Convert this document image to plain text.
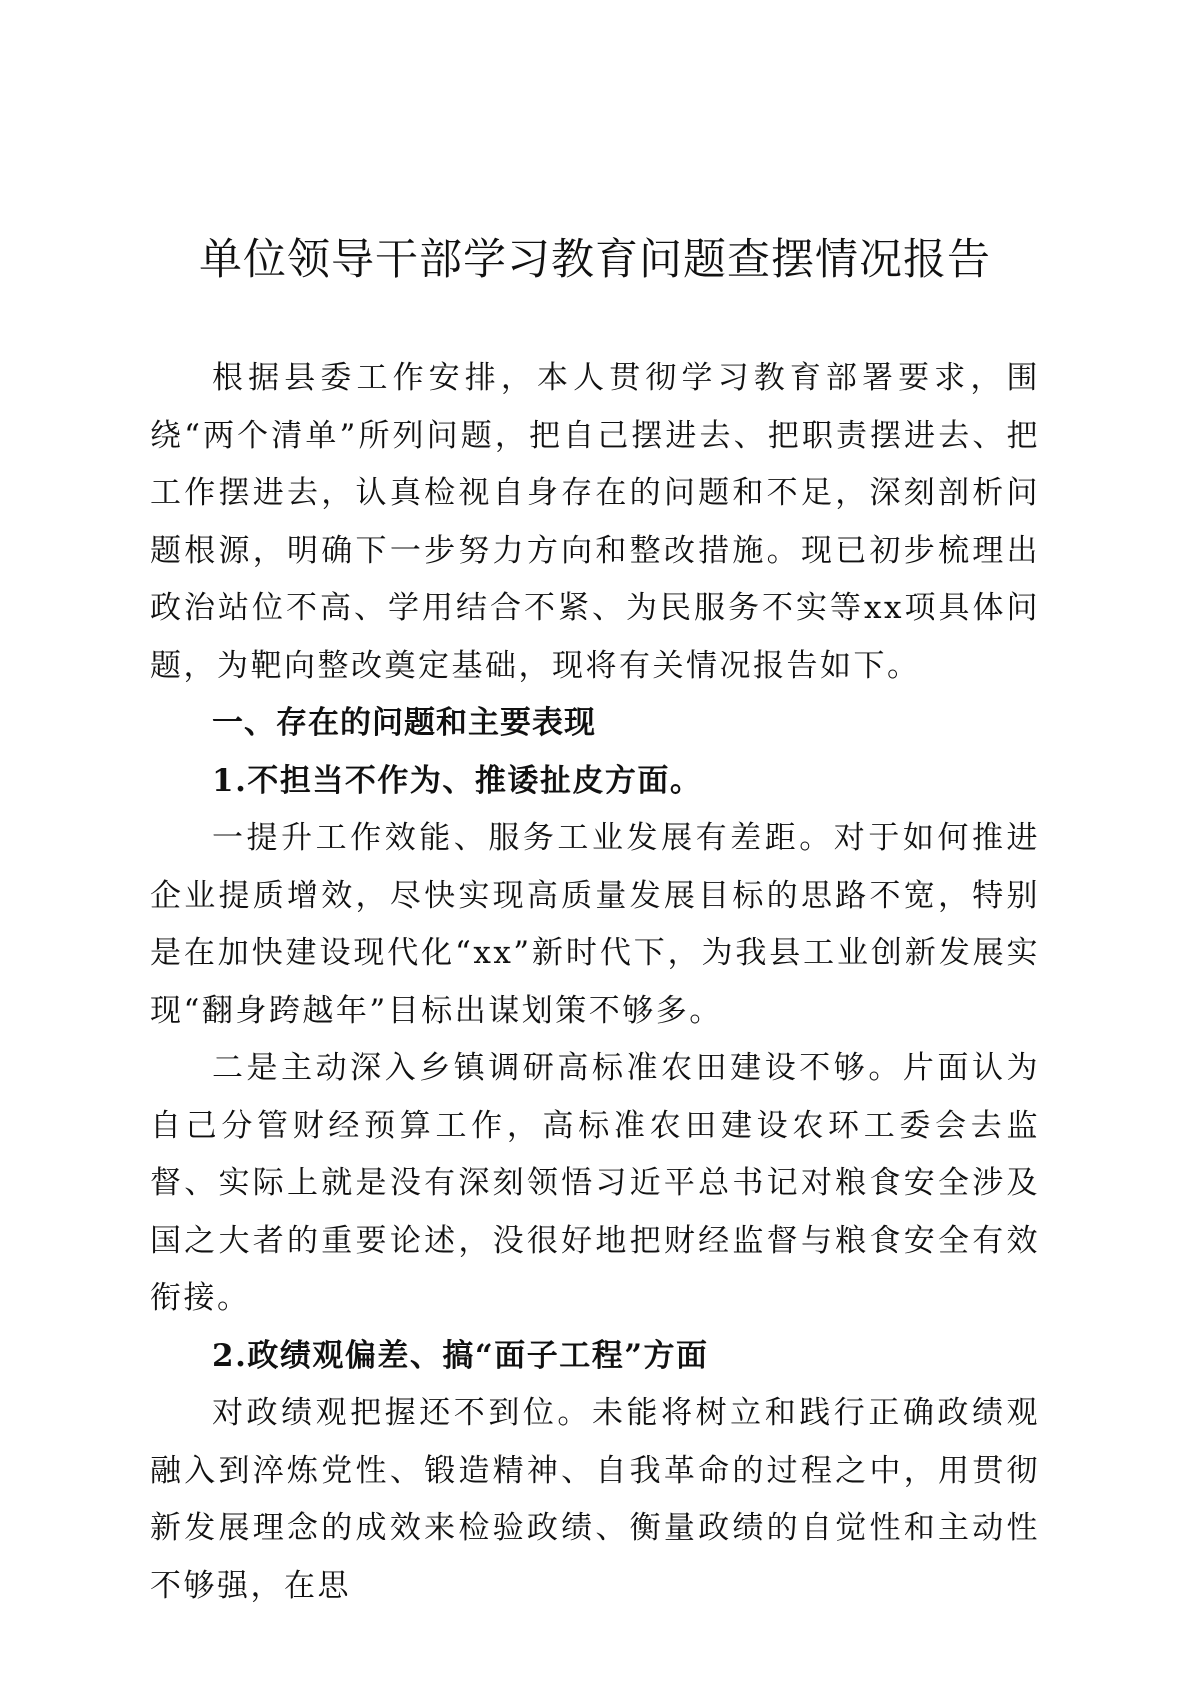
单位领导干部学习教育问题查摆情况报告

根据县委工作安排，本人贯彻学习教育部署要求，围绕“两个清单”所列问题，把自己摆进去、把职责摆进去、把工作摆进去，认真检视自身存在的问题和不足，深刻剖析问题根源，明确下一步努力方向和整改措施。现已初步梳理出政治站位不高、学用结合不紧、为民服务不实等xx项具体问题，为靶向整改奠定基础，现将有关情况报告如下。

一、存在的问题和主要表现

1.不担当不作为、推诿扯皮方面。

一提升工作效能、服务工业发展有差距。对于如何推进企业提质增效，尽快实现高质量发展目标的思路不宽，特别是在加快建设现代化“xx”新时代下，为我县工业创新发展实现“翻身跨越年”目标出谋划策不够多。

二是主动深入乡镇调研高标准农田建设不够。片面认为自己分管财经预算工作，高标准农田建设农环工委会去监督、实际上就是没有深刻领悟习近平总书记对粮食安全涉及国之大者的重要论述，没很好地把财经监督与粮食安全有效衔接。

2.政绩观偏差、搞“面子工程”方面

对政绩观把握还不到位。未能将树立和践行正确政绩观融入到淬炼党性、锻造精神、自我革命的过程之中，用贯彻新发展理念的成效来检验政绩、衡量政绩的自觉性和主动性不够强，在思
